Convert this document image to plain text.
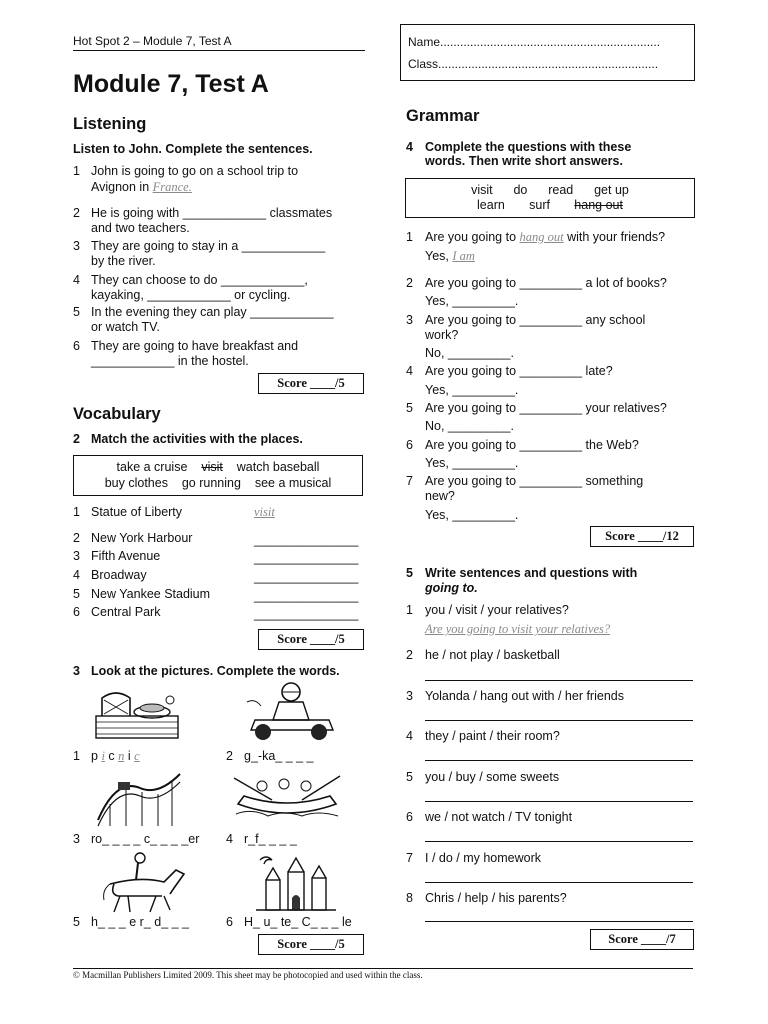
Hot Spot 2 – Module 7, Test A	Name..................................................................
Class..................................................................
Module 7, Test A
Listening
Listen to John. Complete the sentences.
1 John is going to go on a school trip to
Avignon in France.
2 He is going with ____________ classmates
and two teachers.
3 They are going to stay in a ____________
by the river.
4 They can choose to do ____________,
kayaking, ____________ or cycling.
5 In the evening they can play ____________
or watch TV.
6 They are going to have breakfast and
____________ in the hostel.
Score ____/5
Vocabulary
2 Match the activities with the places.
take a cruise visit watch baseball
buy clothes go running see a musical
1 Statue of Liberty	visit
2 New York Harbour	_______________
3 Fifth Avenue	_______________
4 Broadway	_______________
5 New Yankee Stadium	_______________
6 Central Park	_______________
Score ____/5
3 Look at the pictures. Complete the words.
1 p i c n i c	2 g_-ka_ _ _ _
3 ro_ _ _ _ c_ _ _ _er 4 r_f_ _ _ _
5 h_ _ _ e r_ d_ _ _	6 H_ u_ te_ C_ _ _ le
Score ____/5
Grammar
4 Complete the questions with these
words. Then write short answers.
visit do read get up
learn surf hang out
1 Are you going to hang out with your friends?
Yes, I am
2 Are you going to _________ a lot of books?
Yes, _________.
3 Are you going to _________ any school
work?
No, _________.
4 Are you going to _________ late?
Yes, _________.
5 Are you going to _________ your relatives?
No, _________.
6 Are you going to _________ the Web?
Yes, _________.
7 Are you going to _________ something
new?
Yes, _________.
Score ____/12
5 Write sentences and questions with
going to.
1 you / visit / your relatives?
Are you going to visit your relatives?
2 he / not play / basketball
3 Yolanda / hang out with / her friends
4 they / paint / their room?
5 you / buy / some sweets
6 we / not watch / TV tonight
7 I / do / my homework
8 Chris / help / his parents?
Score ____/7
© Macmillan Publishers Limited 2009. This sheet may be photocopied and used within the class.
